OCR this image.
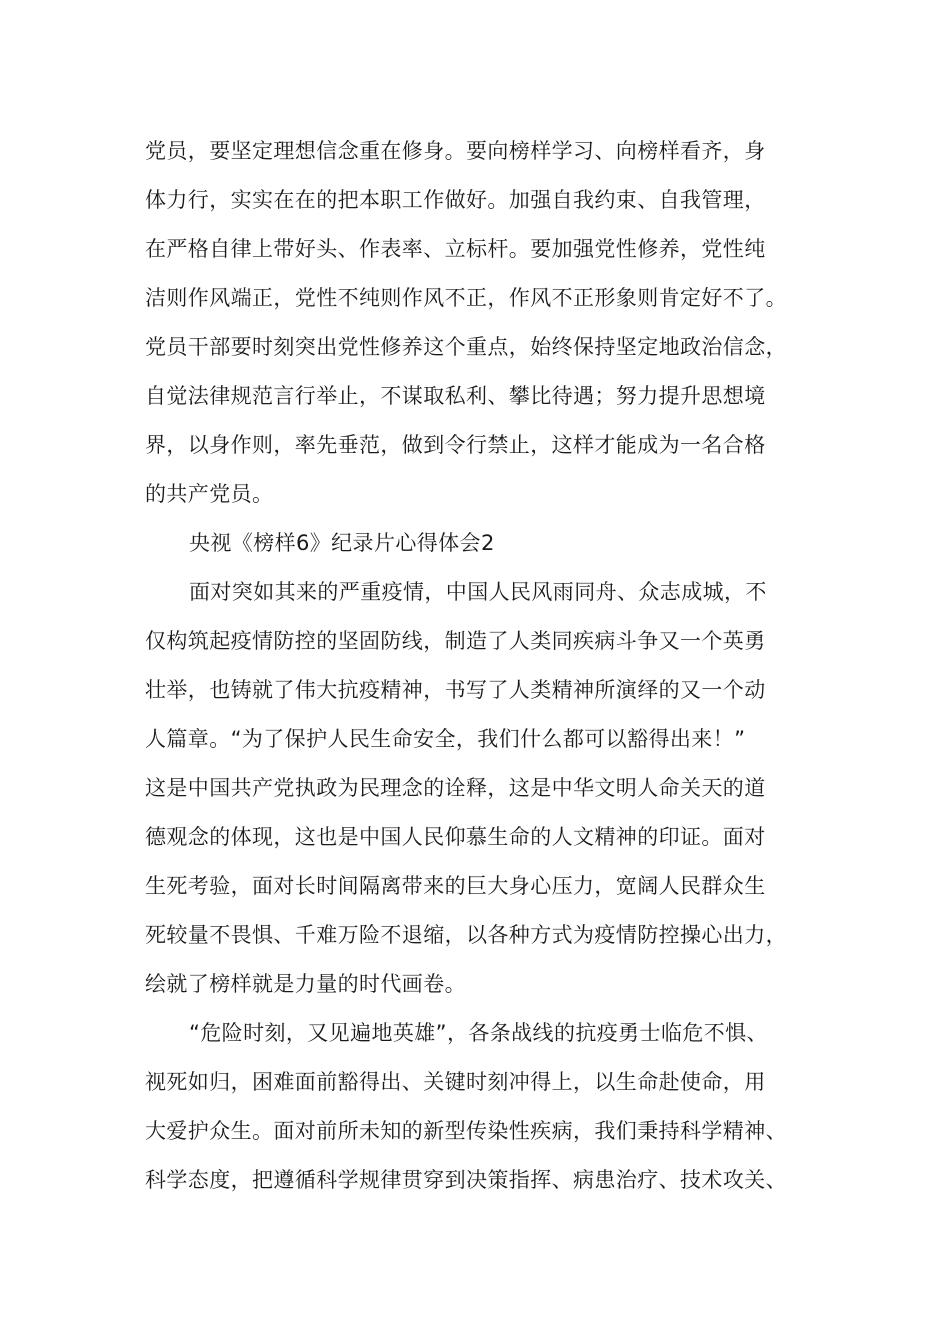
党员，要坚定理想信念重在修身。要向榜样学习、向榜样看齐，身
体力行，实实在在的把本职工作做好。加强自我约束、自我管理，
在严格自律上带好头、作表率、立标杆。要加强党性修养，党性纯
洁则作风端正，党性不纯则作风不正，作风不正形象则肯定好不了。
党员干部要时刻突出党性修养这个重点，始终保持坚定地政治信念，
自觉法律规范言行举止，不谋取私利、攀比待遇；努力提升思想境
界，以身作则，率先垂范，做到令行禁止，这样才能成为一名合格
的共产党员。
央视《榜样6》纪录片心得体会2
面对突如其来的严重疫情，中国人民风雨同舟、众志成城，不
仅构筑起疫情防控的坚固防线，制造了人类同疾病斗争又一个英勇
壮举，也铸就了伟大抗疫精神，书写了人类精神所演绎的又一个动
人篇章。“为了保护人民生命安全，我们什么都可以豁得出来！”
这是中国共产党执政为民理念的诠释，这是中华文明人命关天的道
德观念的体现，这也是中国人民仰慕生命的人文精神的印证。面对
生死考验，面对长时间隔离带来的巨大身心压力，宽阔人民群众生
死较量不畏惧、千难万险不退缩，以各种方式为疫情防控操心出力，
绘就了榜样就是力量的时代画卷。
“危险时刻，又见遍地英雄”，各条战线的抗疫勇士临危不惧、
视死如归，困难面前豁得出、关键时刻冲得上，以生命赴使命，用
大爱护众生。面对前所未知的新型传染性疾病，我们秉持科学精神、
科学态度，把遵循科学规律贯穿到决策指挥、病患治疗、技术攻关、
